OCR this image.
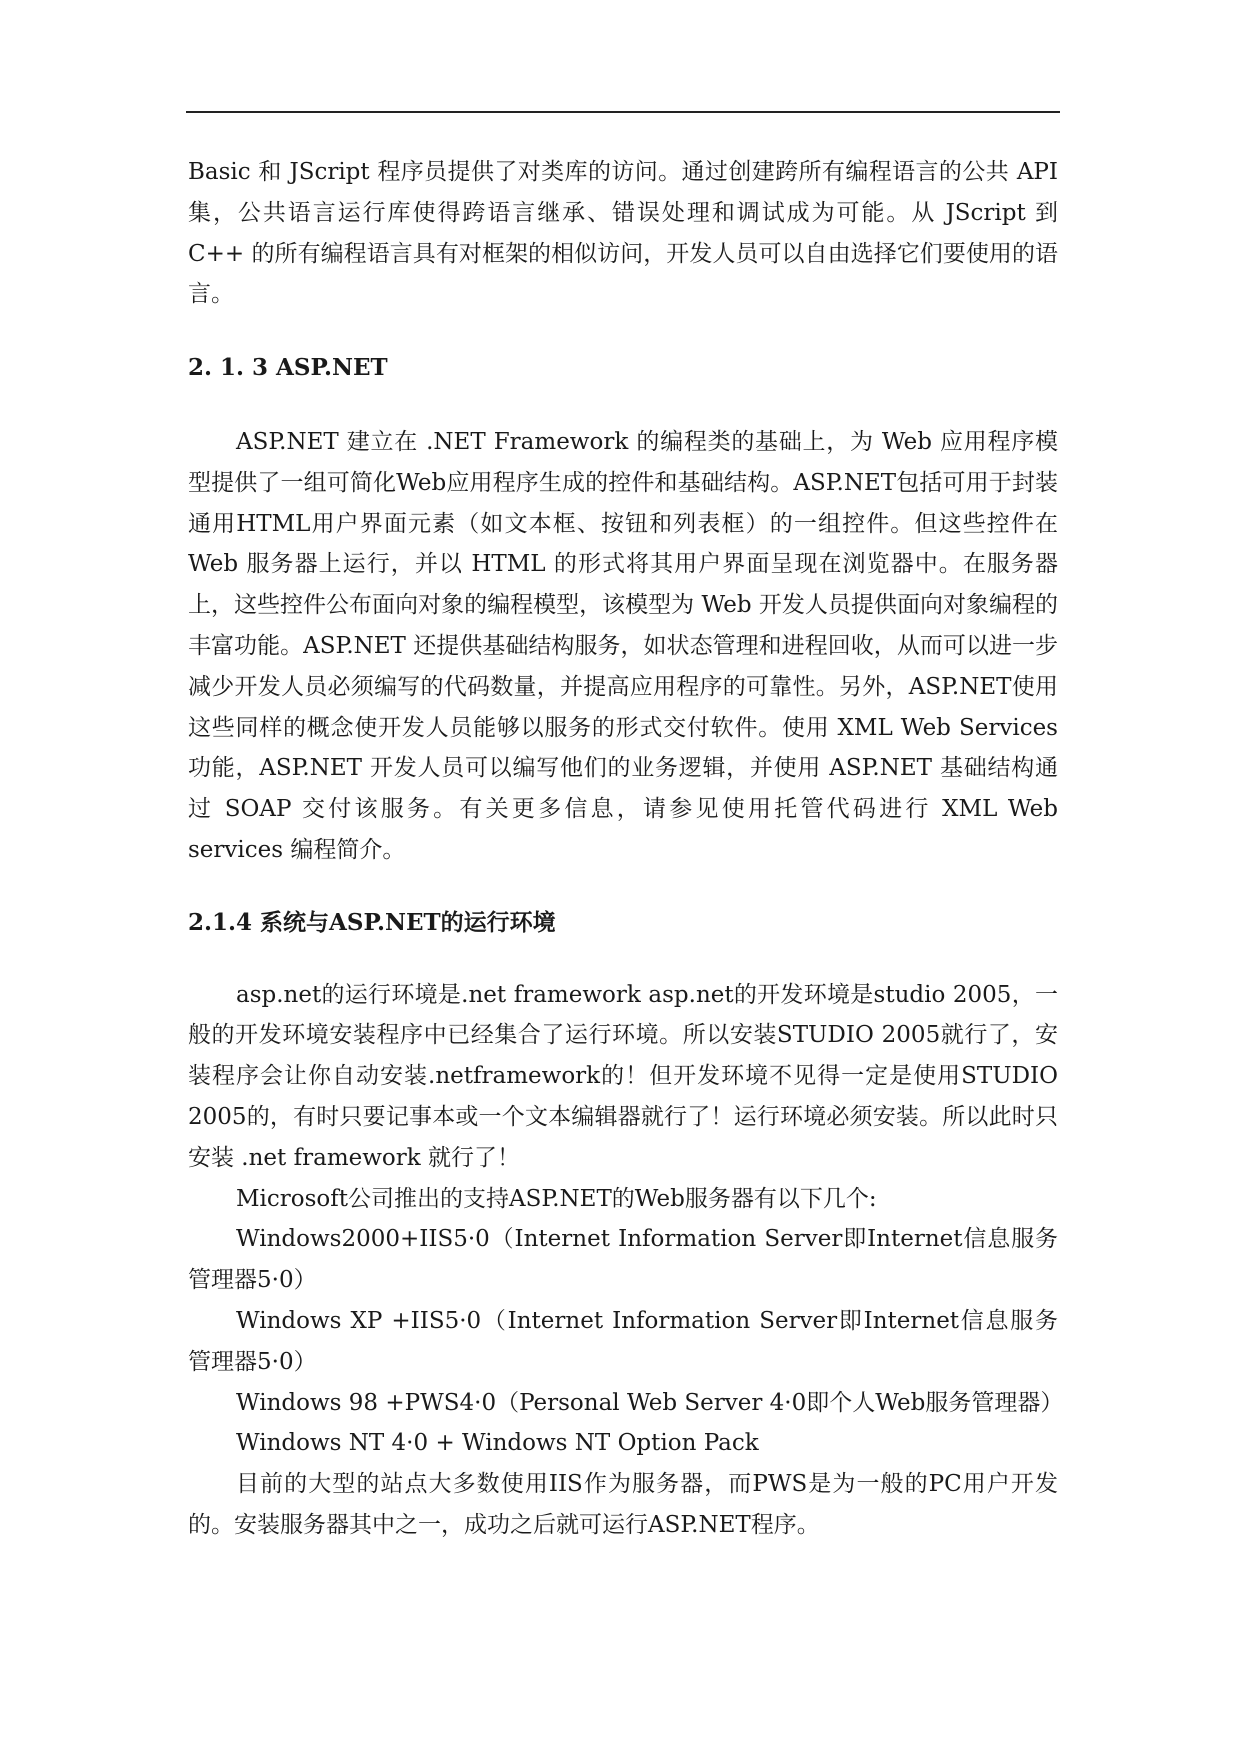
Basic 和 JScript 程序员提供了对类库的访问。通过创建跨所有编程语言的公共 API 集，公共语言运行库使得跨语言继承、错误处理和调试成为可能。从 JScript 到 C++ 的所有编程语言具有对框架的相似访问，开发人员可以自由选择它们要使用的语言。

2. 1. 3 ASP.NET

ASP.NET 建立在 .NET Framework 的编程类的基础上，为 Web 应用程序模型提供了一组可简化Web应用程序生成的控件和基础结构。ASP.NET包括可用于封装通用HTML用户界面元素（如文本框、按钮和列表框）的一组控件。但这些控件在 Web 服务器上运行，并以 HTML 的形式将其用户界面呈现在浏览器中。在服务器上，这些控件公布面向对象的编程模型，该模型为 Web 开发人员提供面向对象编程的丰富功能。ASP.NET 还提供基础结构服务，如状态管理和进程回收，从而可以进一步减少开发人员必须编写的代码数量，并提高应用程序的可靠性。另外，ASP.NET使用这些同样的概念使开发人员能够以服务的形式交付软件。使用 XML Web Services 功能，ASP.NET 开发人员可以编写他们的业务逻辑，并使用 ASP.NET 基础结构通过 SOAP 交付该服务。有关更多信息，请参见使用托管代码进行 XML Web services 编程简介。

2.1.4 系统与ASP.NET的运行环境

asp.net的运行环境是.net framework asp.net的开发环境是studio 2005，一般的开发环境安装程序中已经集合了运行环境。所以安装STUDIO 2005就行了，安装程序会让你自动安装.netframework的！但开发环境不见得一定是使用STUDIO 2005的，有时只要记事本或一个文本编辑器就行了！运行环境必须安装。所以此时只安装 .net framework 就行了！

Microsoft公司推出的支持ASP.NET的Web服务器有以下几个:

Windows2000+IIS5·0（Internet Information Server即Internet信息服务管理器5·0）

Windows XP +IIS5·0（Internet Information Server即Internet信息服务管理器5·0）

Windows 98 +PWS4·0（Personal Web Server 4·0即个人Web服务管理器）

Windows NT 4·0 + Windows NT Option Pack

目前的大型的站点大多数使用IIS作为服务器，而PWS是为一般的PC用户开发的。安装服务器其中之一，成功之后就可运行ASP.NET程序。
